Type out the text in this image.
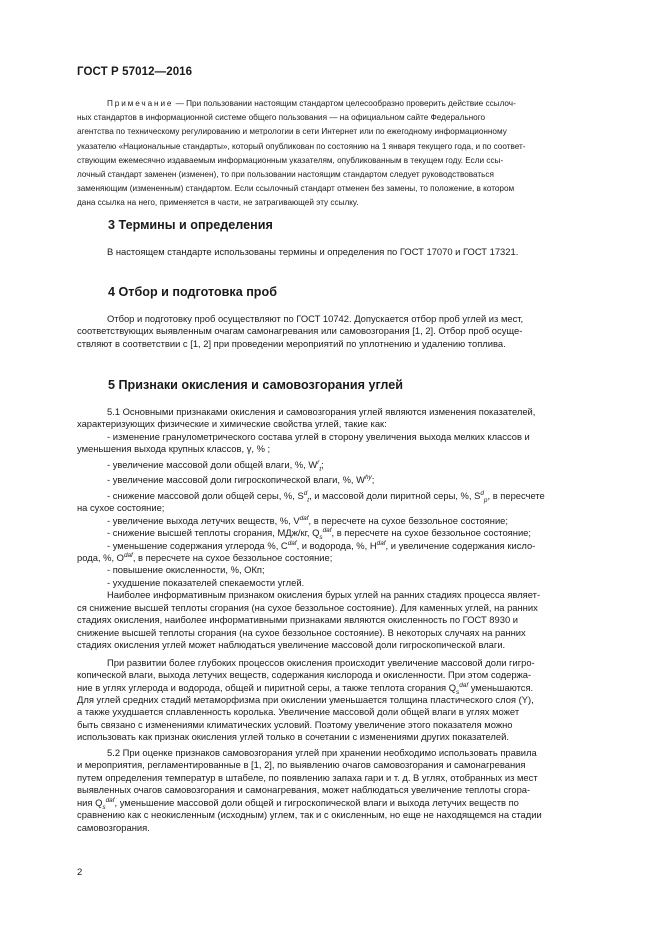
ГОСТ Р 57012—2016
Примечание — При пользовании настоящим стандартом целесообразно проверить действие ссылоч-
ных стандартов в информационной системе общего пользования — на официальном сайте Федерального
агентства по техническому регулированию и метрологии в сети Интернет или по ежегодному информационному
указателю «Национальные стандарты», который опубликован по состоянию на 1 января текущего года, и по соответ-
ствующим ежемесячно издаваемым информационным указателям, опубликованным в текущем году. Если ссы-
лочный стандарт заменен (изменен), то при пользовании настоящим стандартом следует руководствоваться
заменяющим (измененным) стандартом. Если ссылочный стандарт отменен без замены, то положение, в котором
дана ссылка на него, применяется в части, не затрагивающей эту ссылку.
3 Термины и определения
В настоящем стандарте использованы термины и определения по ГОСТ 17070 и ГОСТ 17321.
4 Отбор и подготовка проб
Отбор и подготовку проб осуществляют по ГОСТ 10742. Допускается отбор проб углей из мест,
соответствующих выявленным очагам самонагревания или самовозгорания [1, 2]. Отбор проб осуще-
ствляют в соответствии с [1, 2] при проведении мероприятий по уплотнению и удалению топлива.
5 Признаки окисления и самовозгорания углей
5.1 Основными признаками окисления и самовозгорания углей являются изменения показателей,
характеризующих физические и химические свойства углей, такие как:
- изменение гранулометрического состава углей в сторону увеличения выхода мелких классов и
уменьшения выхода крупных классов, γ, % ;
- увеличение массовой доли общей влаги, %, $W^r_t$;
- увеличение массовой доли гигроскопической влаги, %, $W^{hy}$;
- снижение массовой доли общей серы, %, $S^d_t$, и массовой доли пиритной серы, %, $S^d_p$, в пересчете
на сухое состояние;
- увеличение выхода летучих веществ, %, $V^{daf}$, в пересчете на сухое беззольное состояние;
- снижение высшей теплоты сгорания, МДж/кг, $Q_s^{daf}$, в пересчете на сухое беззольное состояние;
- уменьшение содержания углерода %, $C^{daf}$, и водорода, %, $H^{daf}$, и увеличение содержания кисло-
рода, %, $O^{daf}$, в пересчете на сухое беззольное состояние;
- повышение окисленности, %, ОКп;
- ухудшение показателей спекаемости углей.
Наиболее информативным признаком окисления бурых углей на ранних стадиях процесса являет-
ся снижение высшей теплоты сгорания (на сухое беззольное состояние). Для каменных углей, на ранних
стадиях окисления, наиболее информативными признаками являются окисленность по ГОСТ 8930 и
снижение высшей теплоты сгорания (на сухое беззольное состояние). В некоторых случаях на ранних
стадиях окисления углей может наблюдаться увеличение массовой доли гигроскопической влаги.
При развитии более глубоких процессов окисления происходит увеличение массовой доли гигро-
копической влаги, выхода летучих веществ, содержания кислорода и окисленности. При этом содержа-
ние в углях углерода и водорода, общей и пиритной серы, а также теплота сгорания $Q_s^{daf}$ уменьшаются.
Для углей средних стадий метаморфизма при окислении уменьшается толщина пластического слоя (Y),
а также ухудшается сплавленность королька. Увеличение массовой доли общей влаги в углях может
быть связано с изменениями климатических условий. Поэтому увеличение этого показателя можно
использовать как признак окисления углей только в сочетании с изменениями других показателей.
5.2 При оценке признаков самовозгорания углей при хранении необходимо использовать правила
и мероприятия, регламентированные в [1, 2], по выявлению очагов самовозгорания и самонагревания
путем определения температур в штабеле, по появлению запаха гари и т. д. В углях, отобранных из мест
выявленных очагов самовозгорания и самонагревания, может наблюдаться увеличение теплоты сгора-
ния $Q_s^{daf}$, уменьшение массовой доли общей и гигроскопической влаги и выхода летучих веществ по
сравнению как с неокисленным (исходным) углем, так и с окисленным, но еще не находящемся на стадии
самовозгорания.
2
